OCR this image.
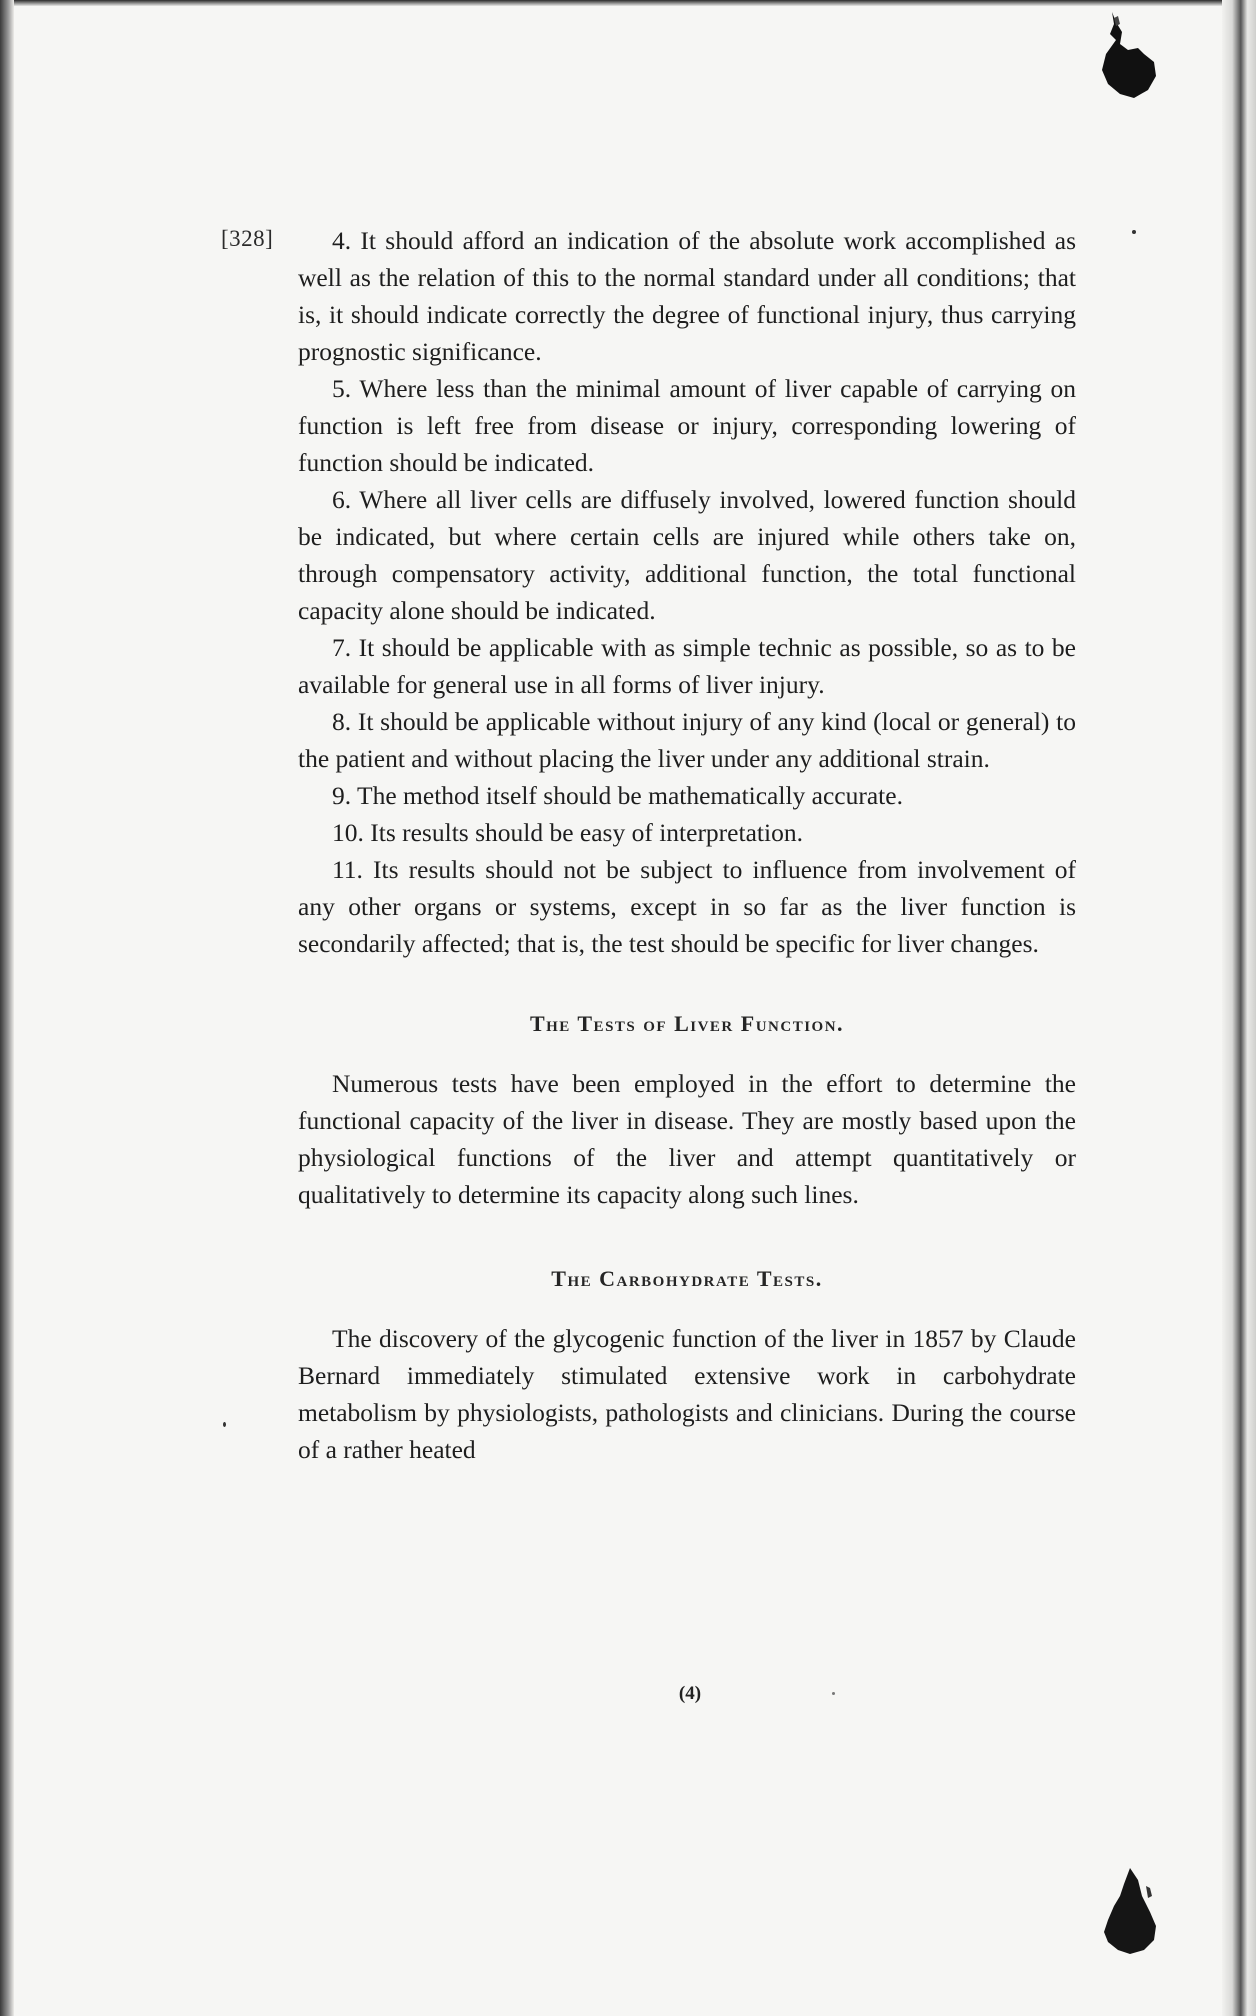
[328]	4. It should afford an indication of the absolute work accomplished as well as the relation of this to the normal standard under all conditions; that is, it should indicate correctly the degree of functional injury, thus carrying prognostic significance.

5. Where less than the minimal amount of liver capable of carrying on function is left free from disease or injury, corresponding lowering of function should be indicated.

6. Where all liver cells are diffusely involved, lowered function should be indicated, but where certain cells are injured while others take on, through compensatory activity, additional function, the total functional capacity alone should be indicated.

7. It should be applicable with as simple technic as possible, so as to be available for general use in all forms of liver injury.

8. It should be applicable without injury of any kind (local or general) to the patient and without placing the liver under any additional strain.

9. The method itself should be mathematically accurate.

10. Its results should be easy of interpretation.

11. Its results should not be subject to influence from involvement of any other organs or systems, except in so far as the liver function is secondarily affected; that is, the test should be specific for liver changes.

The Tests of Liver Function.

Numerous tests have been employed in the effort to determine the functional capacity of the liver in disease. They are mostly based upon the physiological functions of the liver and attempt quantitatively or qualitatively to determine its capacity along such lines.

The Carbohydrate Tests.

The discovery of the glycogenic function of the liver in 1857 by Claude Bernard immediately stimulated extensive work in carbohydrate metabolism by physiologists, pathologists and clinicians. During the course of a rather heated

(4)
